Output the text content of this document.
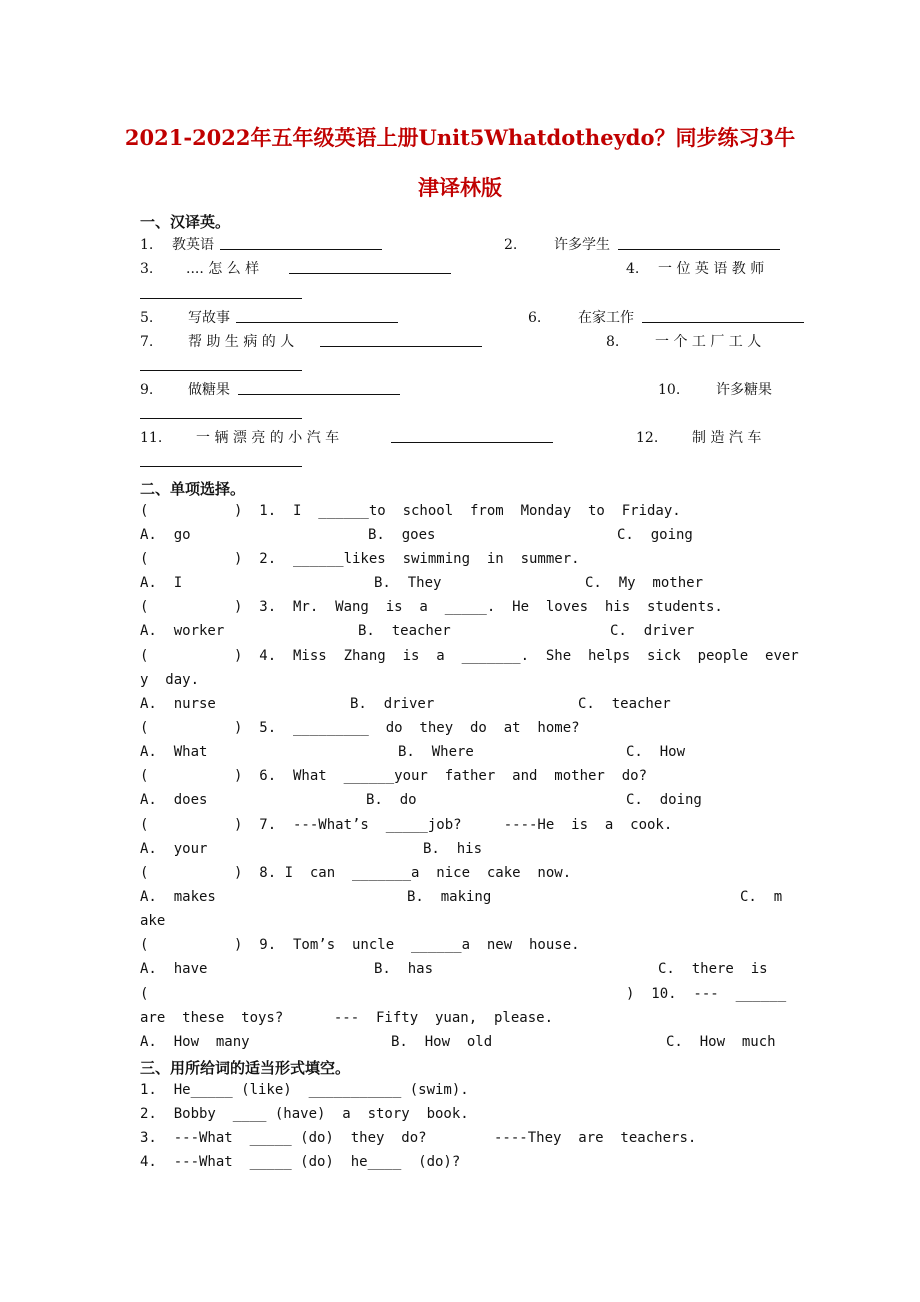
2021-2022年五年级英语上册Unit5Whatdotheydo？同步练习3牛
津译林版
一、汉译英。
1. 教英语	2.	许多学生
3. .... 怎 么 样	4. 一 位 英 语 教 师
5. 写故事	6.	在家工作
7. 帮 助 生 病 的 人	8.	一 个 工 厂 工 人
9. 做糖果	10.	许多糖果
11. 一 辆 漂 亮 的 小 汽 车	12. 制 造 汽 车
二、单项选择。
(	)  1.  I  ______to  school  from  Monday  to  Friday.
A.  go	B.  goes	C.  going
(	)  2.  ______likes  swimming  in  summer.
A.  I	B.  They	C.  My  mother
(	)  3.  Mr.  Wang  is  a  _____.  He  loves  his  students.
A.  worker	B.  teacher	C.  driver
(	)  4.  Miss  Zhang  is  a  _______.  She  helps  sick  people  ever
y  day.
A.  nurse	B.  driver	C.  teacher
(	)  5.  _________  do  they  do  at  home?
A.  What	B.  Where	C.  How
(	)  6.  What  ______your  father  and  mother  do?
A.  does	B.  do	C.  doing
(	)  7.  ---What’s  _____job?     ----He  is  a  cook.
A.  your	B.  his
(	)  8. I  can  _______a  nice  cake  now.
A.  makes	B.  making	C.  m
ake
(	)  9.  Tom’s  uncle  ______a  new  house.
A.  have	B.  has	C.  there  is
(	)  10.  ---  ______
are  these  toys?      ---  Fifty  yuan,  please.
A.  How  many	B.  How  old	C.  How  much
三、用所给词的适当形式填空。
1.  He_____ (like)  ___________ (swim).
2.  Bobby  ____ (have)  a  story  book.
3.  ---What  _____ (do)  they  do?        ----They  are  teachers.
4.  ---What  _____ (do)  he____  (do)?
